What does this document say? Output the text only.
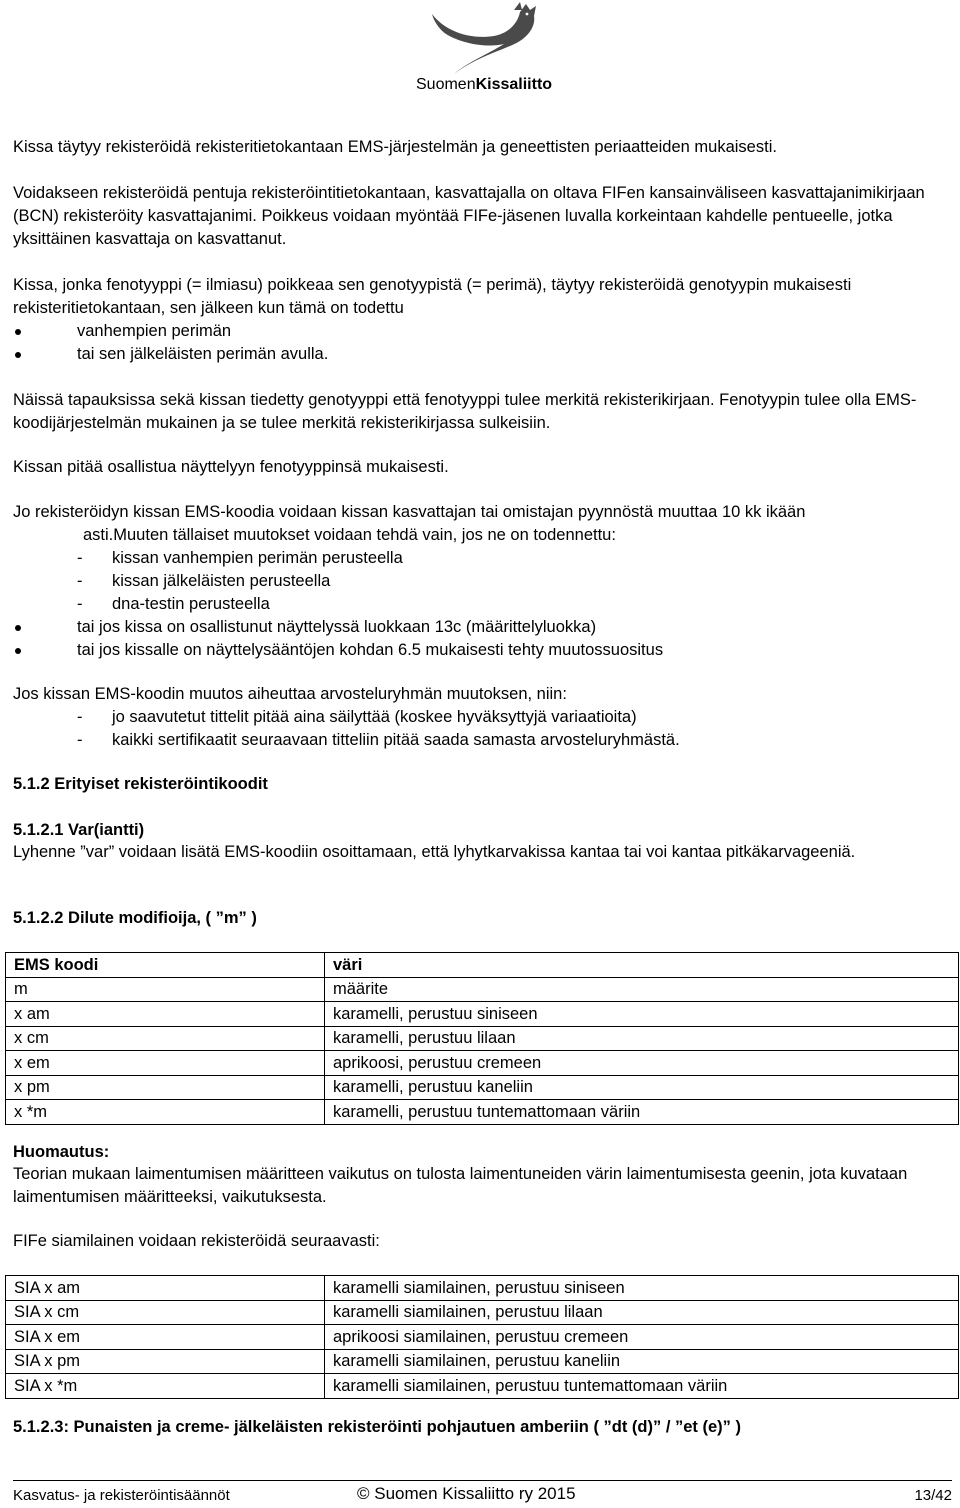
SuomenKissaliitto

Kissa täytyy rekisteröidä rekisteritietokantaan EMS-järjestelmän ja geneettisten periaatteiden mukaisesti.

Voidakseen rekisteröidä pentuja rekisteröintitietokantaan, kasvattajalla on oltava FIFen kansainväliseen kasvattajanimikirjaan (BCN) rekisteröity kasvattajanimi. Poikkeus voidaan myöntää FIFe-jäsenen luvalla korkeintaan kahdelle pentueelle, jotka yksittäinen kasvattaja on kasvattanut.

Kissa, jonka fenotyyppi (= ilmiasu) poikkeaa sen genotyypistä (= perimä), täytyy rekisteröidä genotyypin mukaisesti rekisteritietokantaan, sen jälkeen kun tämä on todettu

vanhempien perimän
tai sen jälkeläisten perimän avulla.

Näissä tapauksissa sekä kissan tiedetty genotyyppi että fenotyyppi tulee merkitä rekisterikirjaan. Fenotyypin tulee olla EMS-koodijärjestelmän mukainen ja se tulee merkitä rekisterikirjassa sulkeisiin.

Kissan pitää osallistua näyttelyyn fenotyyppinsä mukaisesti.

Jo rekisteröidyn kissan EMS-koodia voidaan kissan kasvattajan tai omistajan pyynnöstä muuttaa 10 kk ikään

asti.Muuten tällaiset muutokset voidaan tehdä vain, jos ne on todennettu:

- kissan vanhempien perimän perusteella
- kissan jälkeläisten perusteella
- dna-testin perusteella
tai jos kissa on osallistunut näyttelyssä luokkaan 13c (määrittelyluokka)
tai jos kissalle on näyttelysääntöjen kohdan 6.5 mukaisesti tehty muutossuositus

Jos kissan EMS-koodin muutos aiheuttaa arvosteluryhmän muutoksen, niin:

- jo saavutetut tittelit pitää aina säilyttää (koskee hyväksyttyjä variaatioita)
- kaikki sertifikaatit seuraavaan titteliin pitää saada samasta arvosteluryhmästä.
5.1.2 Erityiset rekisteröintikoodit
5.1.2.1 Var(iantti)

Lyhenne ”var” voidaan lisätä EMS-koodiin osoittamaan, että lyhytkarvakissa kantaa tai voi kantaa pitkäkarvageeniä.

5.1.2.2 Dilute modifioija, ( ”m” )
EMS koodi	väri
m	määrite
x am	karamelli, perustuu siniseen
x cm	karamelli, perustuu lilaan
x em	aprikoosi, perustuu cremeen
x pm	karamelli, perustuu kaneliin
x *m	karamelli, perustuu tuntemattomaan väriin
Huomautus:

Teorian mukaan laimentumisen määritteen vaikutus on tulosta laimentuneiden värin laimentumisesta geenin, jota kuvataan laimentumisen määritteeksi, vaikutuksesta.

FIFe siamilainen voidaan rekisteröidä seuraavasti:

SIA x am	karamelli siamilainen, perustuu siniseen
SIA x cm	karamelli siamilainen, perustuu lilaan
SIA x em	aprikoosi siamilainen, perustuu cremeen
SIA x pm	karamelli siamilainen, perustuu kaneliin
SIA x *m	karamelli siamilainen, perustuu tuntemattomaan väriin
5.1.2.3: Punaisten ja creme- jälkeläisten rekisteröinti pohjautuen amberiin ( ”dt (d)” / ”et (e)” )
Kasvatus- ja rekisteröintisäännöt	© Suomen Kissaliitto ry 2015	13/42
